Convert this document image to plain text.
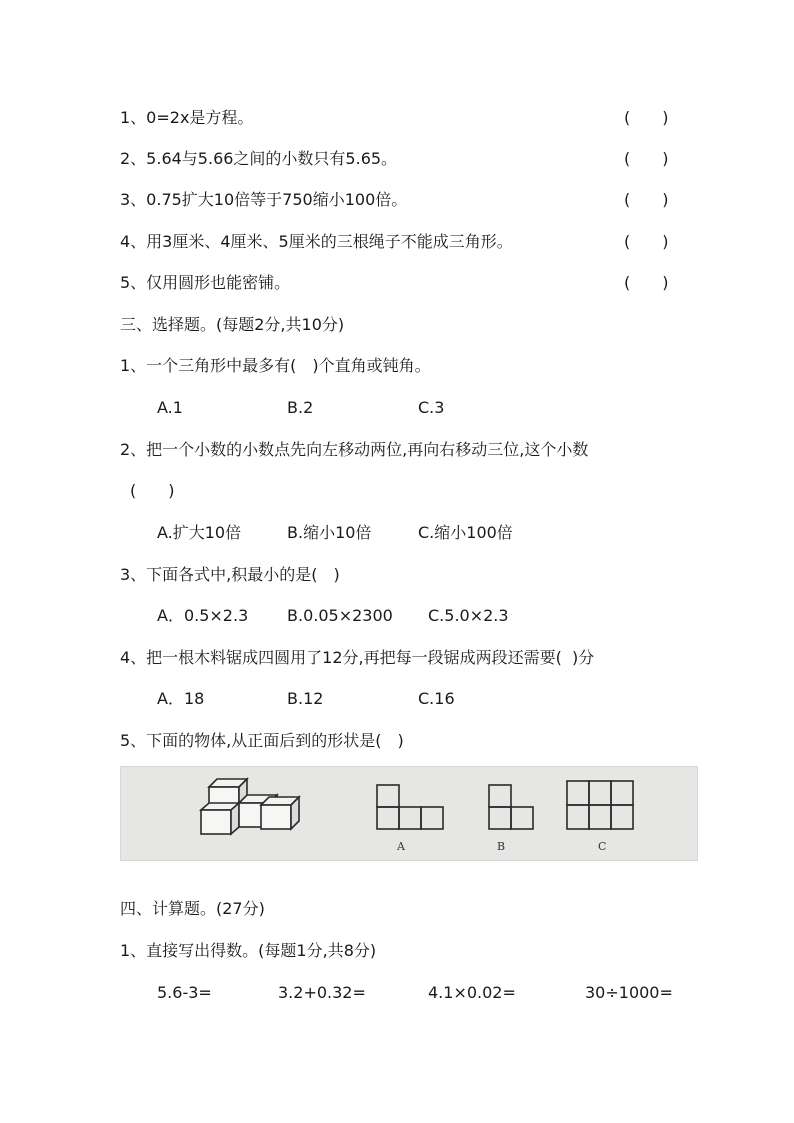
1、0=2x是方程。	(　　)
2、5.64与5.66之间的小数只有5.65。	(　　)
3、0.75扩大10倍等于750缩小100倍。	(　　)
4、用3厘米、4厘米、5厘米的三根绳子不能成三角形。	(　　)
5、仅用圆形也能密铺。	(　　)
三、选择题。(每题2分,共10分)
1、一个三角形中最多有(　)个直角或钝角。
A.1	B.2	C.3
2、把一个小数的小数点先向左移动两位,再向右移动三位,这个小数
(　　)
A.扩大10倍	B.缩小10倍	C.缩小100倍
3、下面各式中,积最小的是(　)
A．0.5×2.3 B.0.05×2300 C.5.0×2.3
4、把一根木料锯成四圆用了12分,再把每一段锯成两段还需要(  )分
A．18	B.12	C.16
5、下面的物体,从正面后到的形状是(　)
A	B	C
四、计算题。(27分)
1、直接写出得数。(每题1分,共8分)
5.6-3=	3.2+0.32=	4.1×0.02=	30÷1000=
